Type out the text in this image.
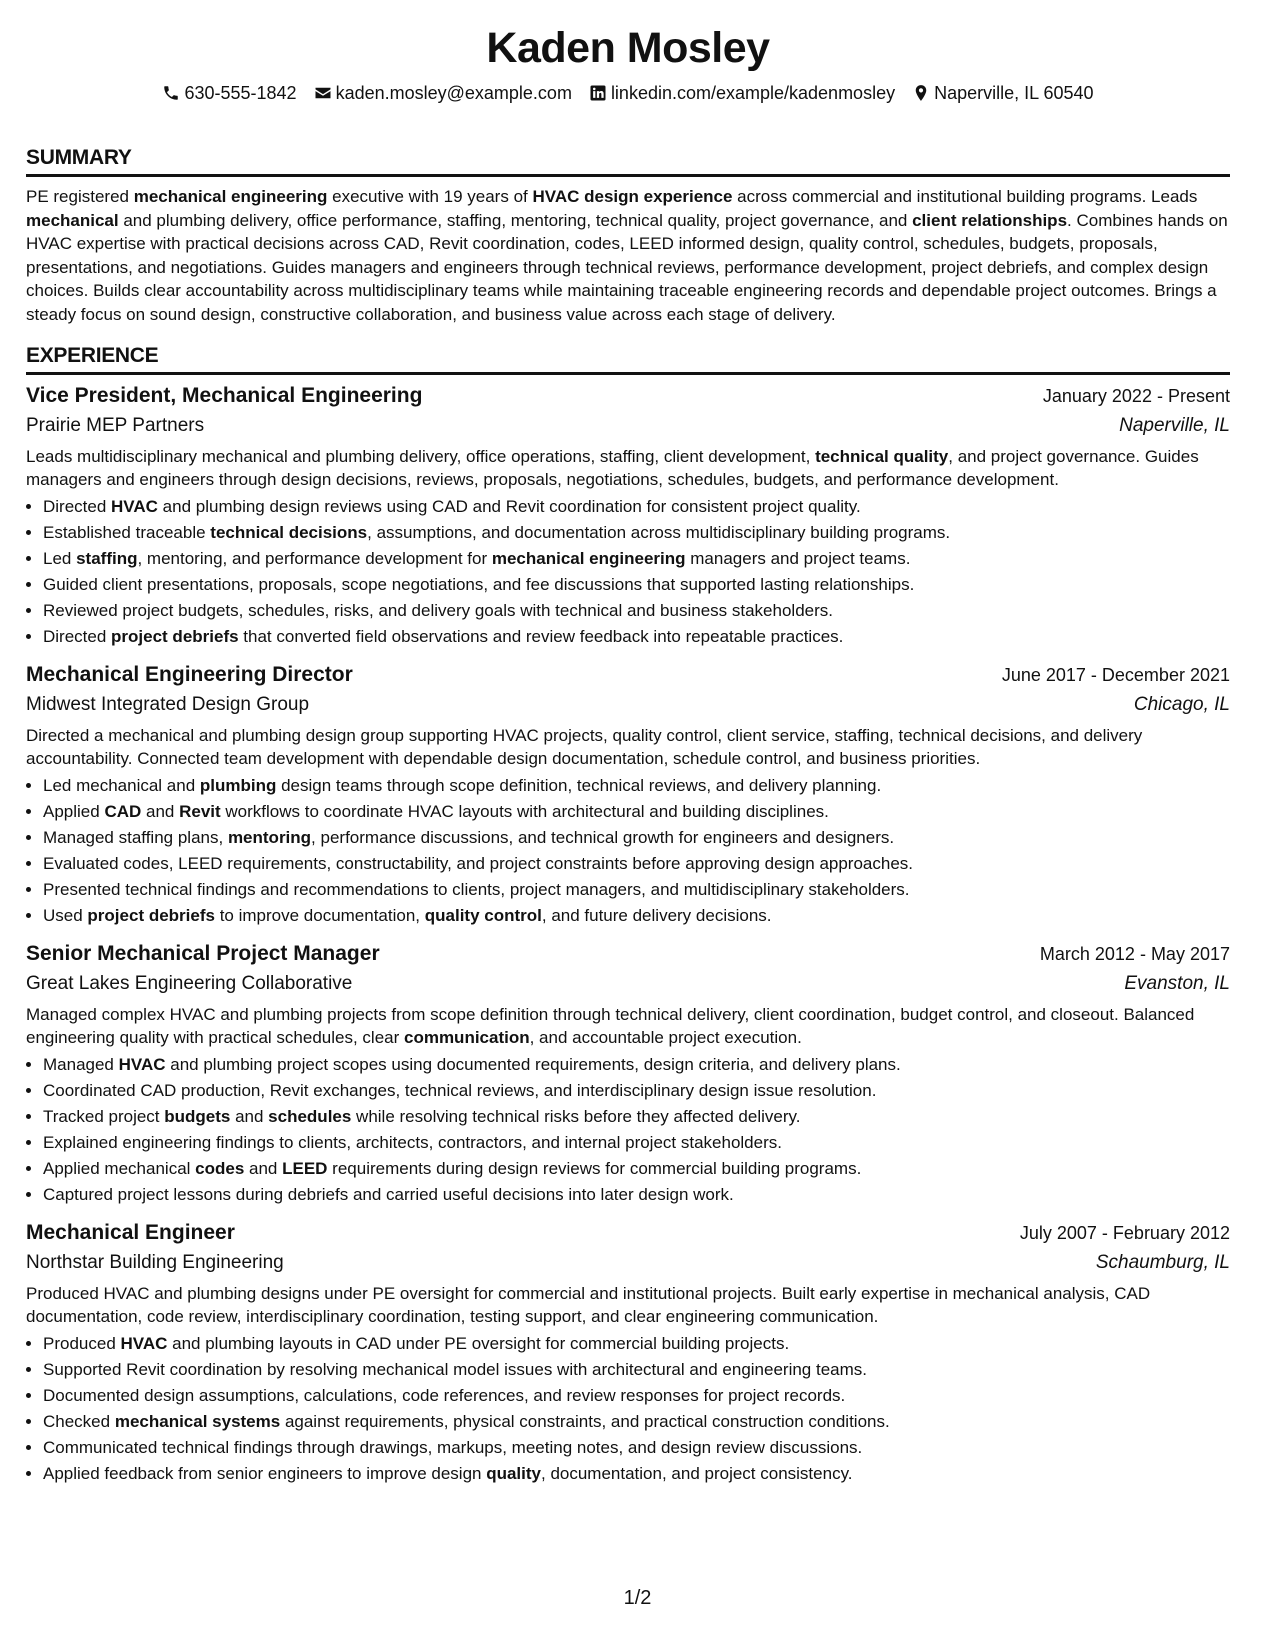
Kaden Mosley
630-555-1842 kaden.mosley@example.com linkedin.com/example/kadenmosley Naperville, IL 60540
SUMMARY

PE registered mechanical engineering executive with 19 years of HVAC design experience across commercial and institutional building programs. Leads mechanical and plumbing delivery, office performance, staffing, mentoring, technical quality, project governance, and client relationships. Combines hands on HVAC expertise with practical decisions across CAD, Revit coordination, codes, LEED informed design, quality control, schedules, budgets, proposals, presentations, and negotiations. Guides managers and engineers through technical reviews, performance development, project debriefs, and complex design choices. Builds clear accountability across multidisciplinary teams while maintaining traceable engineering records and dependable project outcomes. Brings a steady focus on sound design, constructive collaboration, and business value across each stage of delivery.

EXPERIENCE
Vice President, Mechanical Engineering	January 2022 - Present
Prairie MEP Partners	Naperville, IL

Leads multidisciplinary mechanical and plumbing delivery, office operations, staffing, client development, technical quality, and project governance. Guides managers and engineers through design decisions, reviews, proposals, negotiations, schedules, budgets, and performance development.

• Directed HVAC and plumbing design reviews using CAD and Revit coordination for consistent project quality.
• Established traceable technical decisions, assumptions, and documentation across multidisciplinary building programs.
• Led staffing, mentoring, and performance development for mechanical engineering managers and project teams.
• Guided client presentations, proposals, scope negotiations, and fee discussions that supported lasting relationships.
• Reviewed project budgets, schedules, risks, and delivery goals with technical and business stakeholders.
• Directed project debriefs that converted field observations and review feedback into repeatable practices.
Mechanical Engineering Director	June 2017 - December 2021
Midwest Integrated Design Group	Chicago, IL

Directed a mechanical and plumbing design group supporting HVAC projects, quality control, client service, staffing, technical decisions, and delivery accountability. Connected team development with dependable design documentation, schedule control, and business priorities.

• Led mechanical and plumbing design teams through scope definition, technical reviews, and delivery planning.
• Applied CAD and Revit workflows to coordinate HVAC layouts with architectural and building disciplines.
• Managed staffing plans, mentoring, performance discussions, and technical growth for engineers and designers.
• Evaluated codes, LEED requirements, constructability, and project constraints before approving design approaches.
• Presented technical findings and recommendations to clients, project managers, and multidisciplinary stakeholders.
• Used project debriefs to improve documentation, quality control, and future delivery decisions.
Senior Mechanical Project Manager	March 2012 - May 2017
Great Lakes Engineering Collaborative	Evanston, IL

Managed complex HVAC and plumbing projects from scope definition through technical delivery, client coordination, budget control, and closeout. Balanced engineering quality with practical schedules, clear communication, and accountable project execution.

• Managed HVAC and plumbing project scopes using documented requirements, design criteria, and delivery plans.
• Coordinated CAD production, Revit exchanges, technical reviews, and interdisciplinary design issue resolution.
• Tracked project budgets and schedules while resolving technical risks before they affected delivery.
• Explained engineering findings to clients, architects, contractors, and internal project stakeholders.
• Applied mechanical codes and LEED requirements during design reviews for commercial building programs.
• Captured project lessons during debriefs and carried useful decisions into later design work.
Mechanical Engineer	July 2007 - February 2012
Northstar Building Engineering	Schaumburg, IL

Produced HVAC and plumbing designs under PE oversight for commercial and institutional projects. Built early expertise in mechanical analysis, CAD documentation, code review, interdisciplinary coordination, testing support, and clear engineering communication.

• Produced HVAC and plumbing layouts in CAD under PE oversight for commercial building projects.
• Supported Revit coordination by resolving mechanical model issues with architectural and engineering teams.
• Documented design assumptions, calculations, code references, and review responses for project records.
• Checked mechanical systems against requirements, physical constraints, and practical construction conditions.
• Communicated technical findings through drawings, markups, meeting notes, and design review discussions.
• Applied feedback from senior engineers to improve design quality, documentation, and project consistency.
1/2
